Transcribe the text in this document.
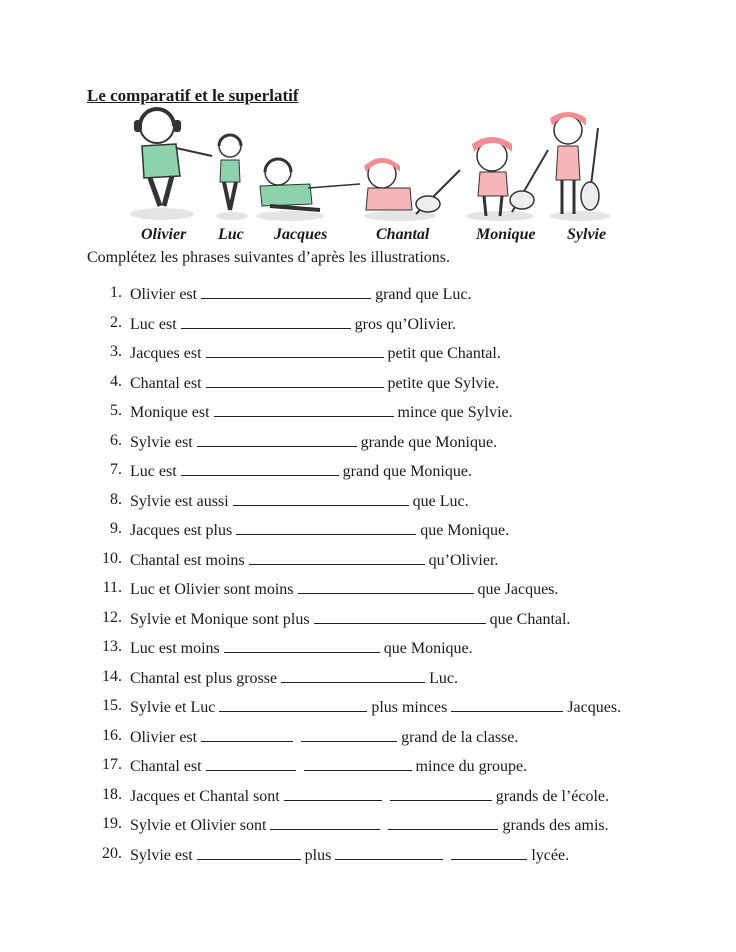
Le comparatif et le superlatif
Olivier Luc Jacques	Chantal	Monique Sylvie
Complétez les phrases suivantes d’après les illustrations.
1. Olivier est	grand que Luc.
2. Luc est	gros qu’Olivier.
3. Jacques est	petit que Chantal.
4. Chantal est	petite que Sylvie.
5. Monique est	mince que Sylvie.
6. Sylvie est	grande que Monique.
7. Luc est	grand que Monique.
8. Sylvie est aussi	que Luc.
9. Jacques est plus	que Monique.
10. Chantal est moins	qu’Olivier.
11. Luc et Olivier sont moins	que Jacques.
12. Sylvie et Monique sont plus	que Chantal.
13. Luc est moins	que Monique.
14. Chantal est plus grosse	Luc.
15. Sylvie et Luc	plus minces	Jacques.
16. Olivier est	grand de la classe.
17. Chantal est	mince du groupe.
18. Jacques et Chantal sont	grands de l’école.
19. Sylvie et Olivier sont	grands des amis.
20. Sylvie est	plus	lycée.
